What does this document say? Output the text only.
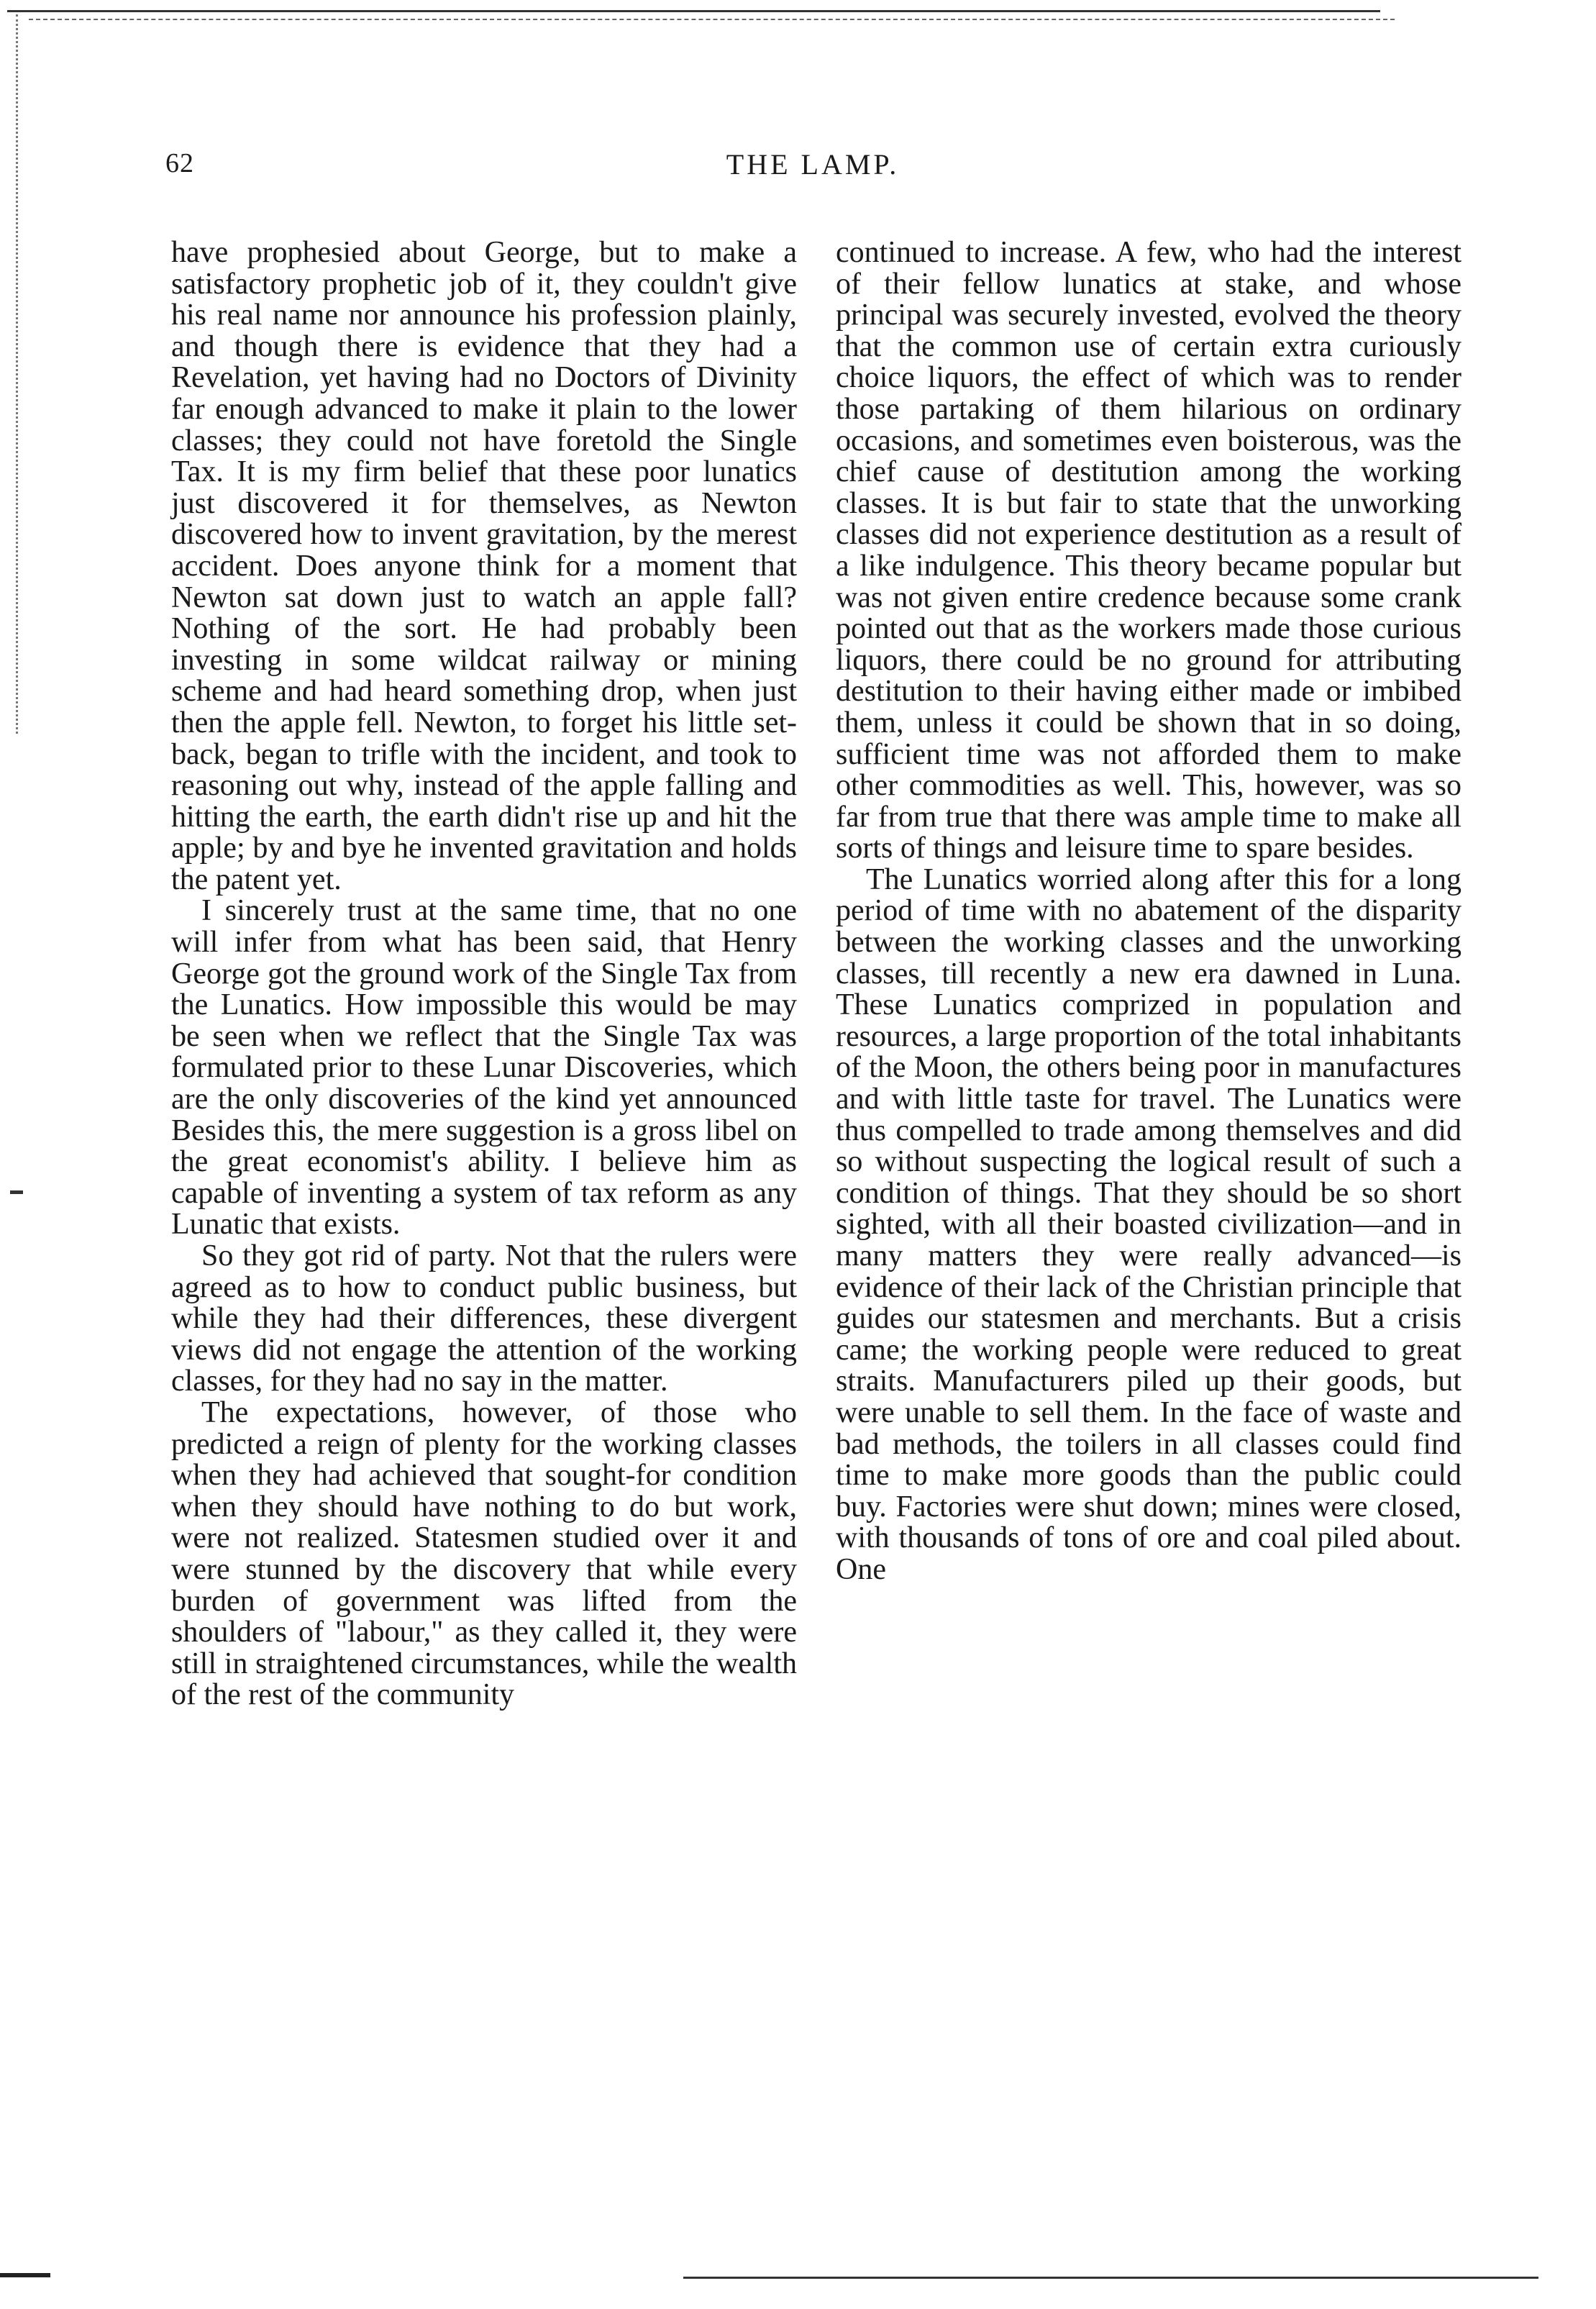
62	THE LAMP.

have prophesied about George, but to make a satisfactory prophetic job of it, they couldn't give his real name nor announce his profession plainly, and though there is evidence that they had a Revelation, yet having had no Doctors of Divinity far enough advanced to make it plain to the lower classes; they could not have foretold the Single Tax. It is my firm belief that these poor lunatics just discovered it for themselves, as Newton discovered how to invent gravitation, by the merest accident. Does anyone think for a moment that Newton sat down just to watch an apple fall? Nothing of the sort. He had probably been investing in some wildcat railway or mining scheme and had heard something drop, when just then the apple fell. Newton, to forget his little set-back, began to trifle with the incident, and took to reasoning out why, instead of the apple falling and hitting the earth, the earth didn't rise up and hit the apple; by and bye he invented gravitation and holds the patent yet.

I sincerely trust at the same time, that no one will infer from what has been said, that Henry George got the ground work of the Single Tax from the Lunatics. How impossible this would be may be seen when we reflect that the Single Tax was formulated prior to these Lunar Discoveries, which are the only discoveries of the kind yet announced Besides this, the mere suggestion is a gross libel on the great economist's ability. I believe him as capable of inventing a system of tax reform as any Lunatic that exists.

So they got rid of party. Not that the rulers were agreed as to how to conduct public business, but while they had their differences, these divergent views did not engage the attention of the working classes, for they had no say in the matter.

The expectations, however, of those who predicted a reign of plenty for the working classes when they had achieved that sought-for condition when they should have nothing to do but work, were not realized. Statesmen studied over it and were stunned by the discovery that while every burden of government was lifted from the shoulders of "labour," as they called it, they were still in straightened circumstances, while the wealth of the rest of the community

continued to increase. A few, who had the interest of their fellow lunatics at stake, and whose principal was securely invested, evolved the theory that the common use of certain extra curiously choice liquors, the effect of which was to render those partaking of them hilarious on ordinary occasions, and sometimes even boisterous, was the chief cause of destitution among the working classes. It is but fair to state that the unworking classes did not experience destitution as a result of a like indulgence. This theory became popular but was not given entire credence because some crank pointed out that as the workers made those curious liquors, there could be no ground for attributing destitution to their having either made or imbibed them, unless it could be shown that in so doing, sufficient time was not afforded them to make other commodities as well. This, however, was so far from true that there was ample time to make all sorts of things and leisure time to spare besides.

The Lunatics worried along after this for a long period of time with no abatement of the disparity between the working classes and the unworking classes, till recently a new era dawned in Luna. These Lunatics comprized in population and resources, a large proportion of the total inhabitants of the Moon, the others being poor in manufactures and with little taste for travel. The Lunatics were thus compelled to trade among themselves and did so without suspecting the logical result of such a condition of things. That they should be so short sighted, with all their boasted civilization—and in many matters they were really advanced—is evidence of their lack of the Christian principle that guides our statesmen and merchants. But a crisis came; the working people were reduced to great straits. Manufacturers piled up their goods, but were unable to sell them. In the face of waste and bad methods, the toilers in all classes could find time to make more goods than the public could buy. Factories were shut down; mines were closed, with thousands of tons of ore and coal piled about. One
